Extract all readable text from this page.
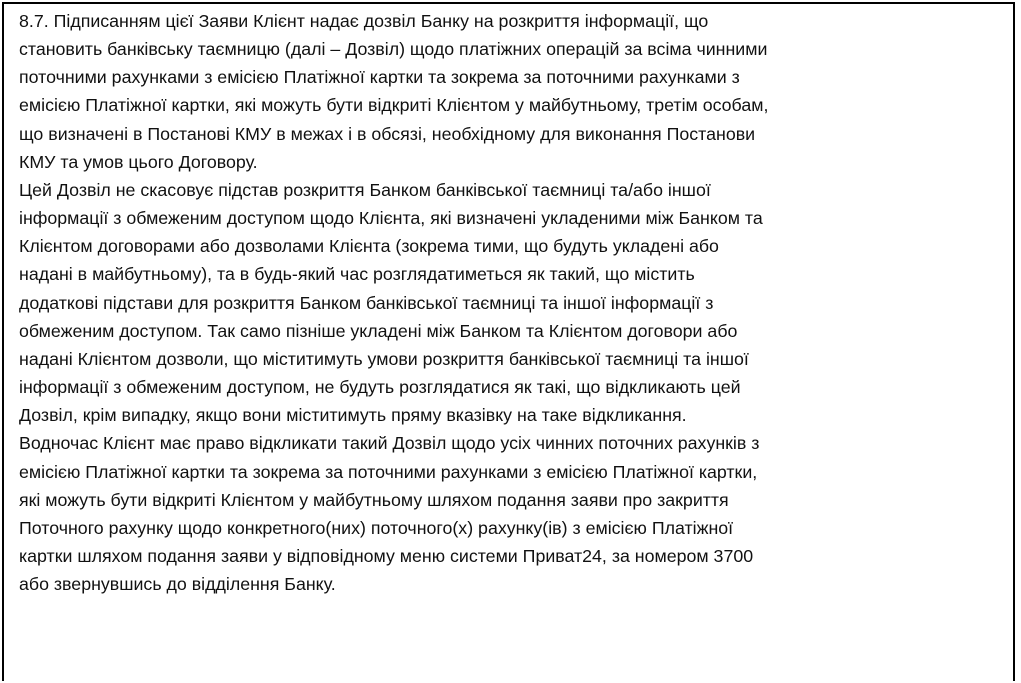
8.7. Підписанням цієї Заяви Клієнт надає дозвіл Банку на розкриття інформації, що
становить банківську таємницю (далі – Дозвіл) щодо платіжних операцій за всіма чинними
поточними рахунками з емісією Платіжної картки та зокрема за поточними рахунками з
емісією Платіжної картки, які можуть бути відкриті Клієнтом у майбутньому, третім особам,
що визначені в Постанові КМУ в межах і в обсязі, необхідному для виконання Постанови
КМУ та умов цього Договору.
Цей Дозвіл не скасовує підстав розкриття Банком банківської таємниці та/або іншої
інформації з обмеженим доступом щодо Клієнта, які визначені укладеними між Банком та
Клієнтом договорами або дозволами Клієнта (зокрема тими, що будуть укладені або
надані в майбутньому), та в будь-який час розглядатиметься як такий, що містить
додаткові підстави для розкриття Банком банківської таємниці та іншої інформації з
обмеженим доступом. Так само пізніше укладені між Банком та Клієнтом договори або
надані Клієнтом дозволи, що міститимуть умови розкриття банківської таємниці та іншої
інформації з обмеженим доступом, не будуть розглядатися як такі, що відкликають цей
Дозвіл, крім випадку, якщо вони міститимуть пряму вказівку на таке відкликання.
Водночас Клієнт має право відкликати такий Дозвіл щодо усіх чинних поточних рахунків з
емісією Платіжної картки та зокрема за поточними рахунками з емісією Платіжної картки,
які можуть бути відкриті Клієнтом у майбутньому шляхом подання заяви про закриття
Поточного рахунку щодо конкретного(них) поточного(х) рахунку(ів) з емісією Платіжної
картки шляхом подання заяви у відповідному меню системи Приват24, за номером 3700
або звернувшись до відділення Банку.
